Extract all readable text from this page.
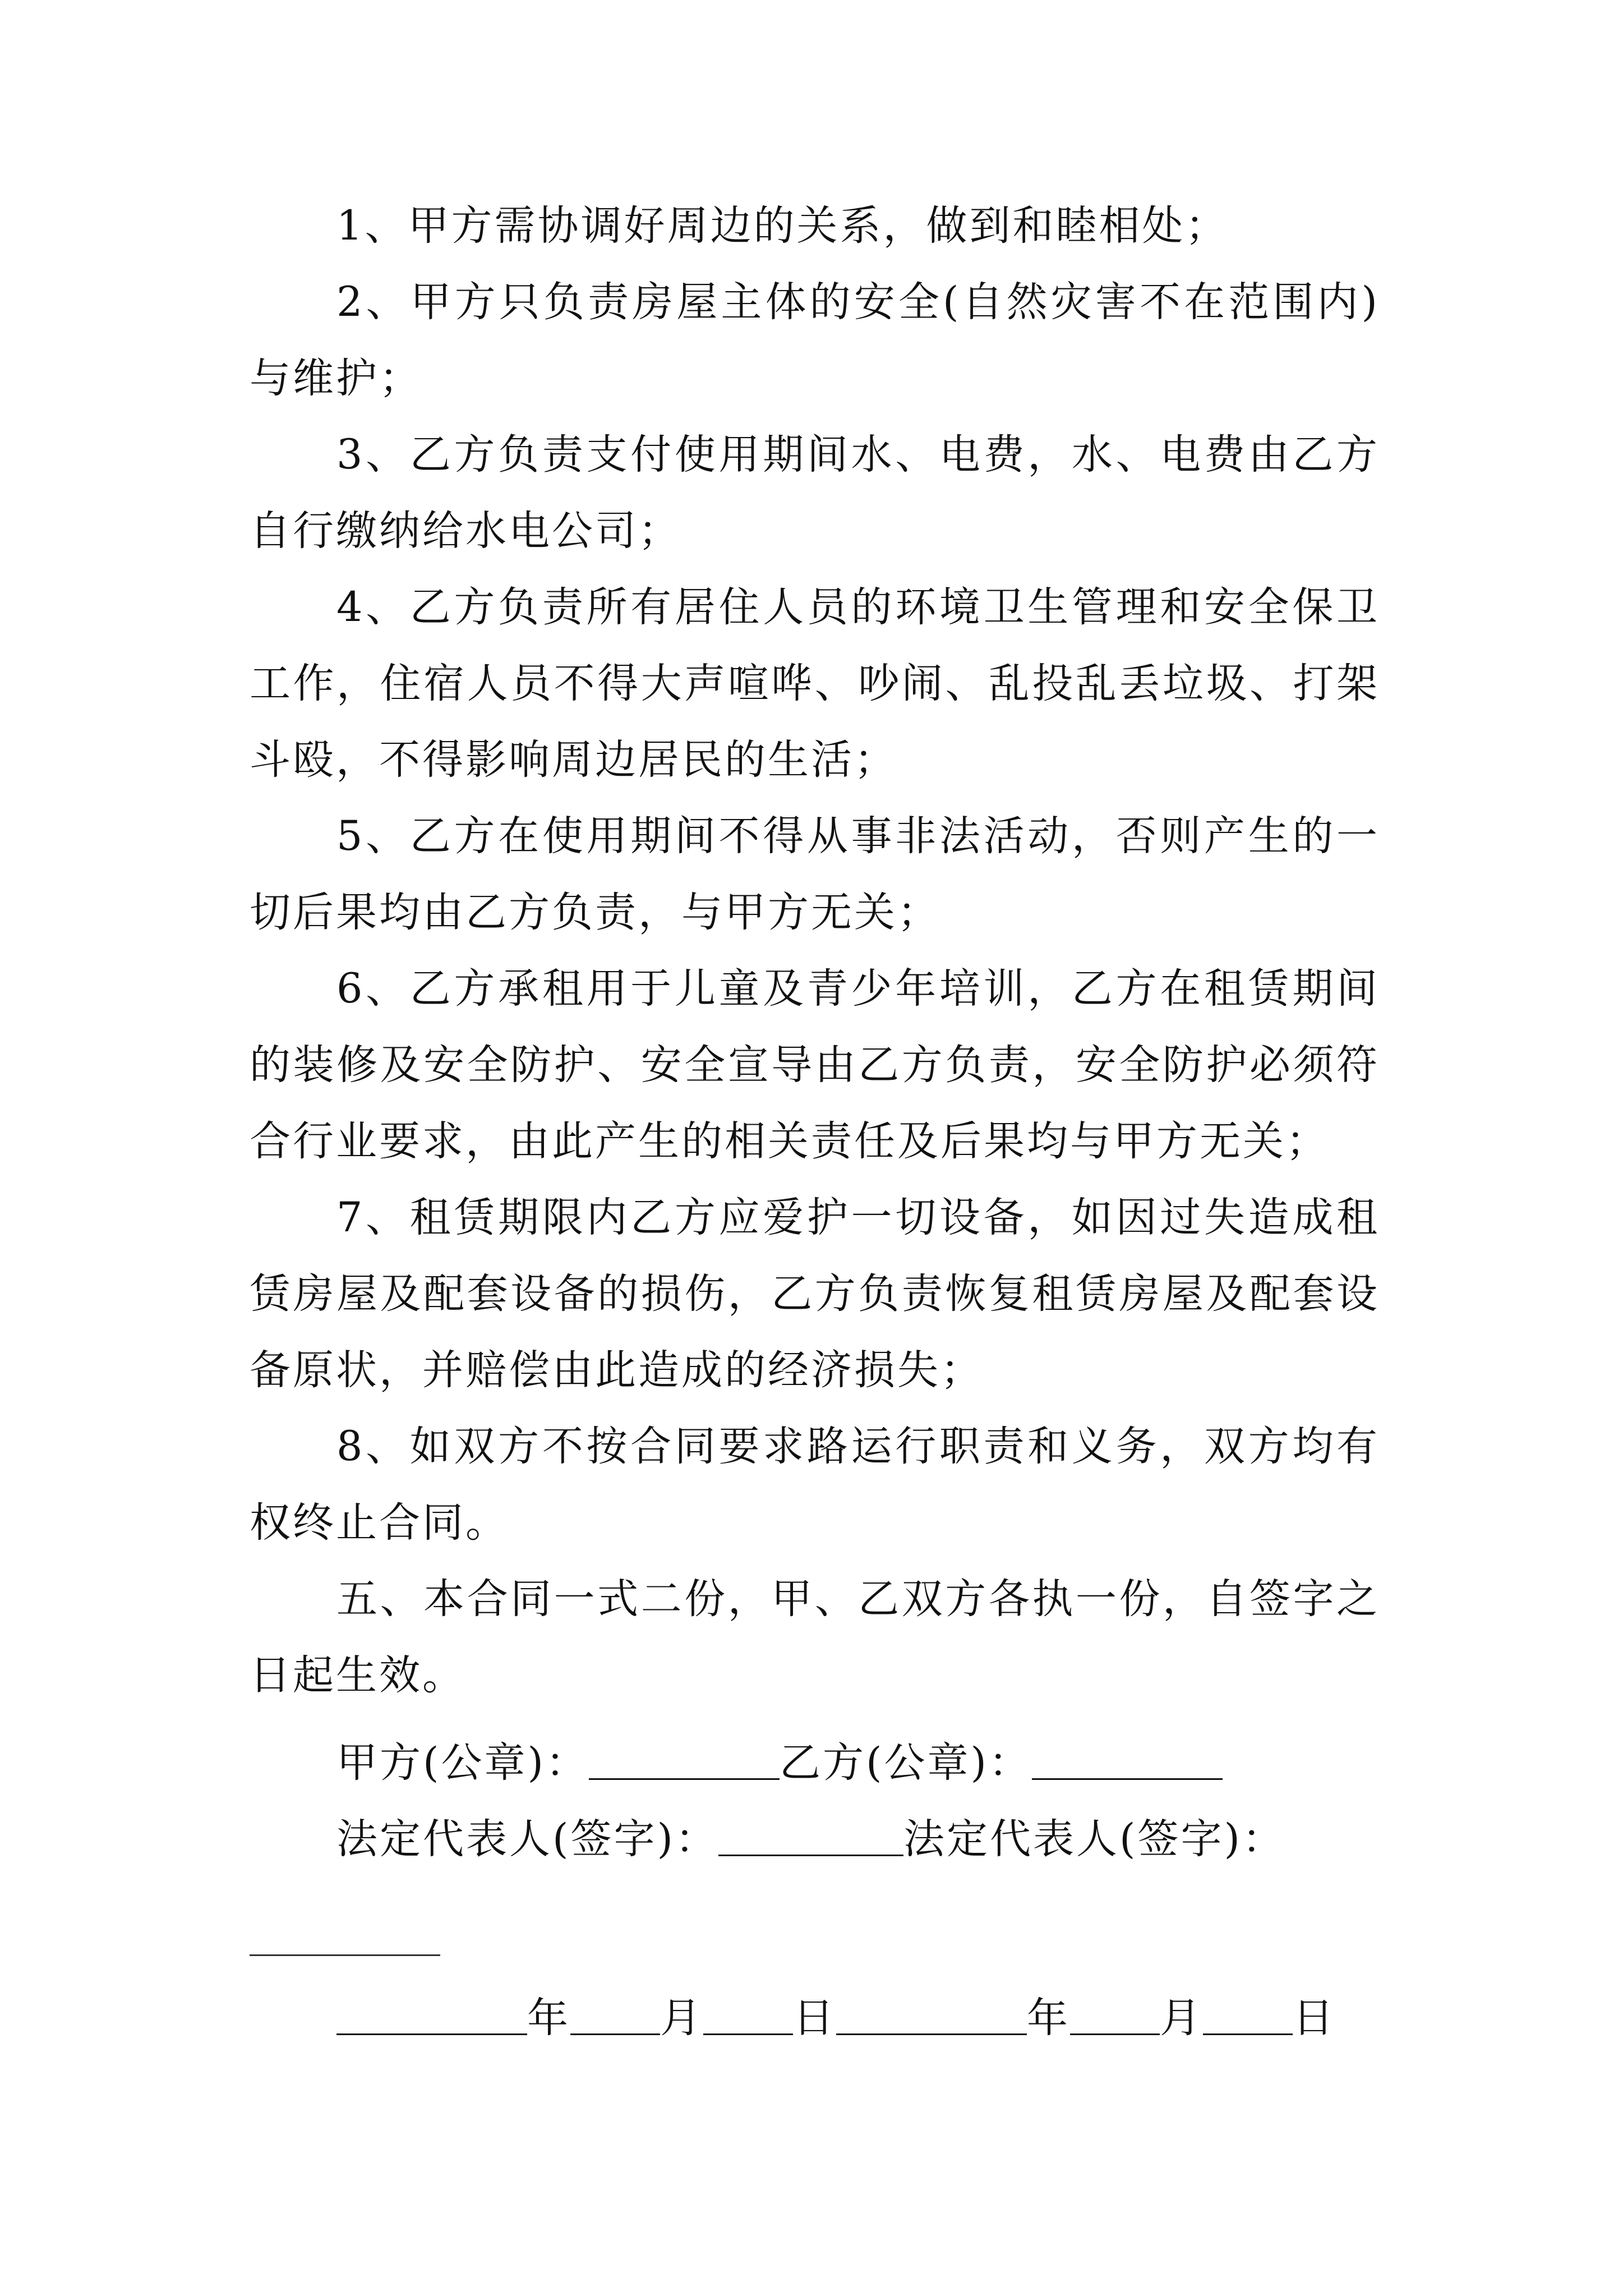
1、甲方需协调好周边的关系，做到和睦相处；

2、甲方只负责房屋主体的安全(自然灾害不在范围内)与维护；

3、乙方负责支付使用期间水、电费，水、电费由乙方自行缴纳给水电公司；

4、乙方负责所有居住人员的环境卫生管理和安全保卫工作，住宿人员不得大声喧哗、吵闹、乱投乱丢垃圾、打架斗殴，不得影响周边居民的生活；

5、乙方在使用期间不得从事非法活动，否则产生的一切后果均由乙方负责，与甲方无关；

6、乙方承租用于儿童及青少年培训，乙方在租赁期间的装修及安全防护、安全宣导由乙方负责，安全防护必须符合行业要求，由此产生的相关责任及后果均与甲方无关；

7、租赁期限内乙方应爱护一切设备，如因过失造成租赁房屋及配套设备的损伤，乙方负责恢复租赁房屋及配套设备原状，并赔偿由此造成的经济损失；

8、如双方不按合同要求路运行职责和义务，双方均有权终止合同。

五、本合同一式二份，甲、乙双方各执一份，自签字之日起生效。

甲方(公章)：	乙方(公章)：
法定代表人(签字)：	法定代表人(签字)：
年 月 日	年 月 日
